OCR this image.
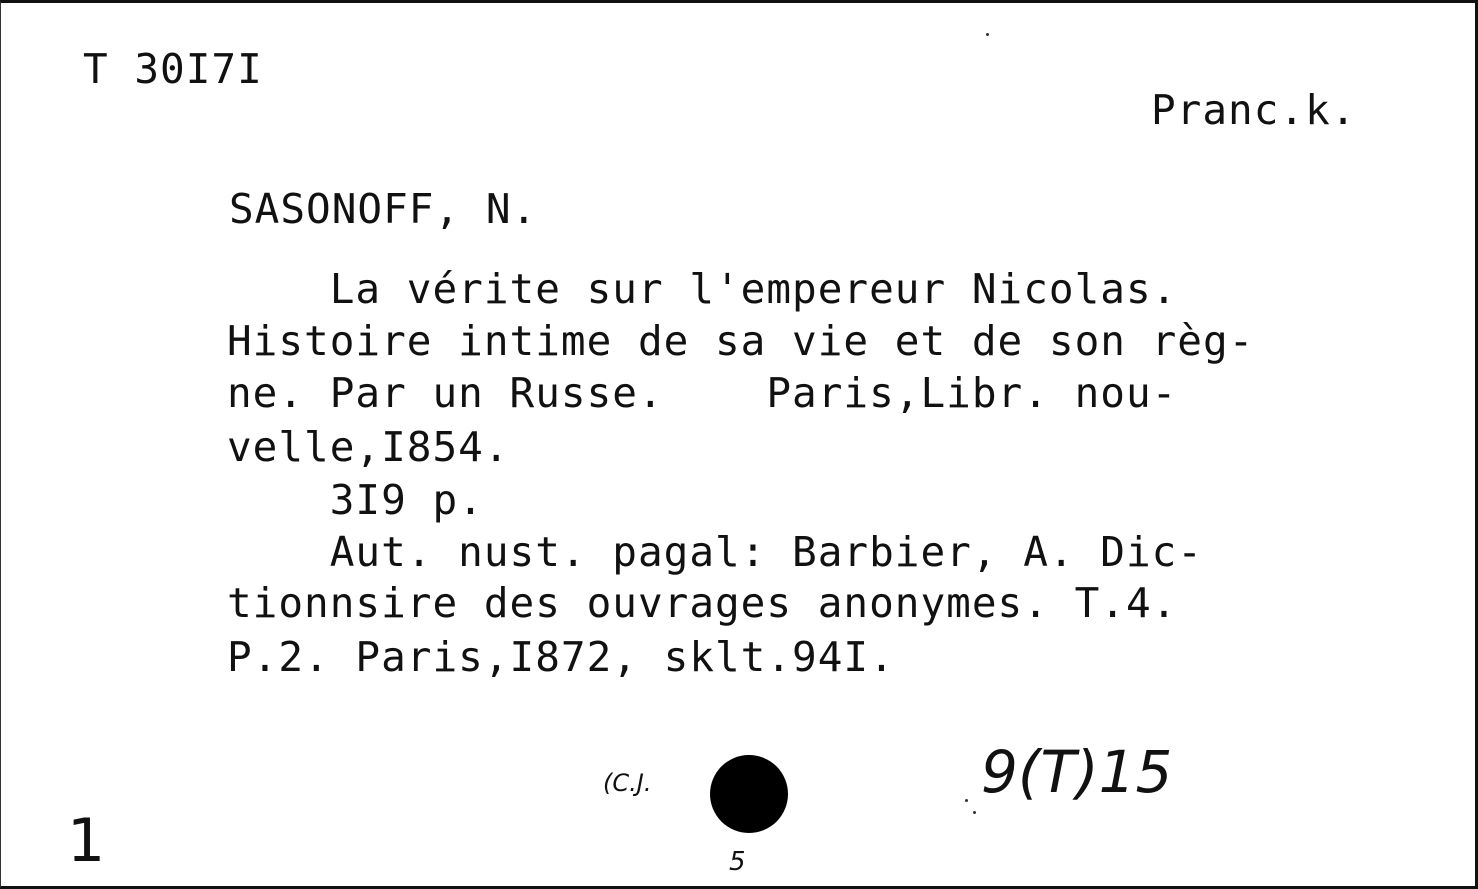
T 30I7I
Pranc.k.
SASONOFF, N.
La vérite sur l'empereur Nicolas.
Histoire intime de sa vie et de son règ-
ne. Par un Russe.    Paris,Libr. nou-
velle,I854.
3I9 p.
Aut. nust. pagal: Barbier, A. Dic-
tionnsire des ouvrages anonymes. T.4.
P.2. Paris,I872, sklt.94I.
(C.J.	9(T)15
1	5
